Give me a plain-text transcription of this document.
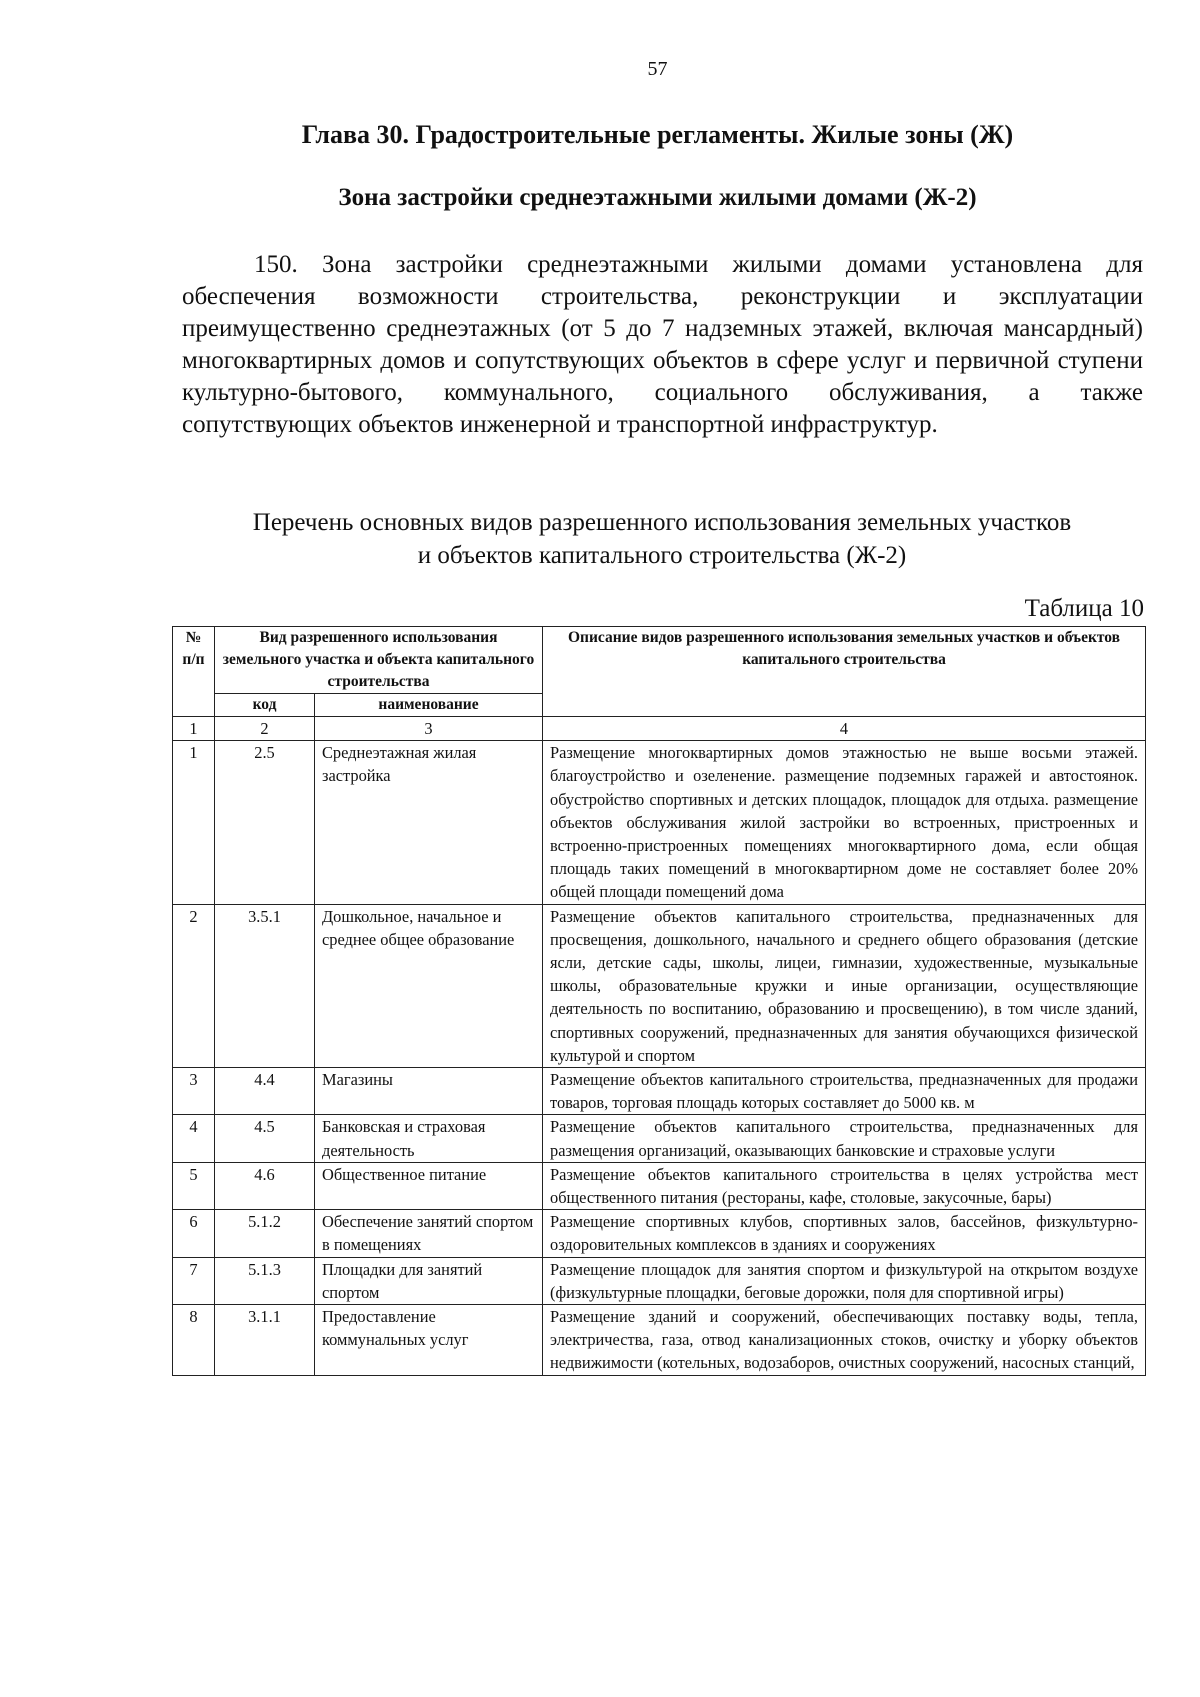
57
Глава 30. Градостроительные регламенты. Жилые зоны (Ж)
Зона застройки среднеэтажными жилыми домами (Ж-2)

150. Зона застройки среднеэтажными жилыми домами установлена для обеспечения возможности строительства, реконструкции и эксплуатации преимущественно среднеэтажных (от 5 до 7 надземных этажей, включая мансардный) многоквартирных домов и сопутствующих объектов в сфере услуг и первичной ступени культурно-бытового, коммунального, социального обслуживания, а также сопутствующих объектов инженерной и транспортной инфраструктур.

Перечень основных видов разрешенного использования земельных участков
и объектов капитального строительства (Ж-2)
Таблица 10
№ п/п	Вид разрешенного использования земельного участка и объекта капитального строительства		Описание видов разрешенного использования земельных участков и объектов капитального строительства
	код	наименование	
1	2	3	4
1	2.5	Среднеэтажная жилая застройка	Размещение многоквартирных домов этажностью не выше восьми этажей. благоустройство и озеленение. размещение подземных гаражей и автостоянок. обустройство спортивных и детских площадок, площадок для отдыха. размещение объектов обслуживания жилой застройки во встроенных, пристроенных и встроенно-пристроенных помещениях многоквартирного дома, если общая площадь таких помещений в многоквартирном доме не составляет более 20% общей площади помещений дома
2	3.5.1	Дошкольное, начальное и среднее общее образование	Размещение объектов капитального строительства, предназначенных для просвещения, дошкольного, начального и среднего общего образования (детские ясли, детские сады, школы, лицеи, гимназии, художественные, музыкальные школы, образовательные кружки и иные организации, осуществляющие деятельность по воспитанию, образованию и просвещению), в том числе зданий, спортивных сооружений, предназначенных для занятия обучающихся физической культурой и спортом
3	4.4	Магазины	Размещение объектов капитального строительства, предназначенных для продажи товаров, торговая площадь которых составляет до 5000 кв. м
4	4.5	Банковская и страховая деятельность	Размещение объектов капитального строительства, предназначенных для размещения организаций, оказывающих банковские и страховые услуги
5	4.6	Общественное питание	Размещение объектов капитального строительства в целях устройства мест общественного питания (рестораны, кафе, столовые, закусочные, бары)
6	5.1.2	Обеспечение занятий спортом в помещениях	Размещение спортивных клубов, спортивных залов, бассейнов, физкультурно-оздоровительных комплексов в зданиях и сооружениях
7	5.1.3	Площадки для занятий спортом	Размещение площадок для занятия спортом и физкультурой на открытом воздухе (физкультурные площадки, беговые дорожки, поля для спортивной игры)
8	3.1.1	Предоставление коммунальных услуг	Размещение зданий и сооружений, обеспечивающих поставку воды, тепла, электричества, газа, отвод канализационных стоков, очистку и уборку объектов недвижимости (котельных, водозаборов, очистных сооружений, насосных станций,
